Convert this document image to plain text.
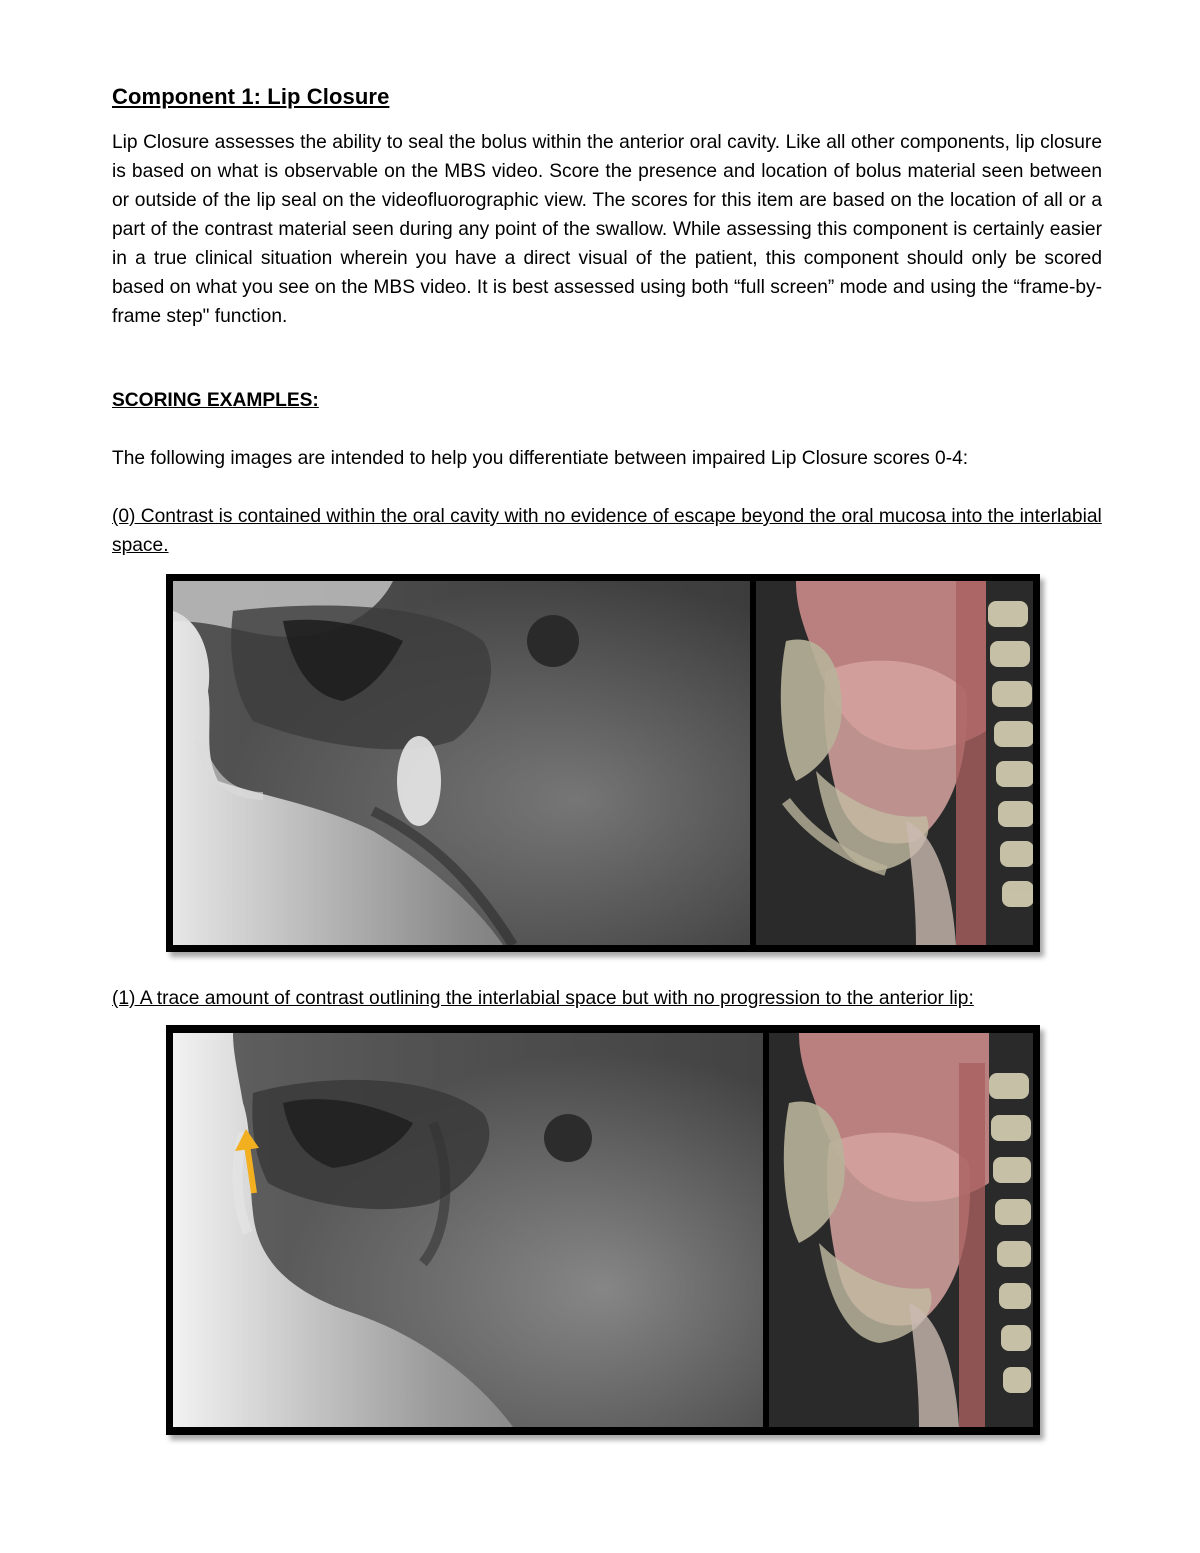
Component 1: Lip Closure
Lip Closure assesses the ability to seal the bolus within the anterior oral cavity. Like all other components, lip closure is based on what is observable on the MBS video. Score the presence and location of bolus material seen between or outside of the lip seal on the videofluorographic view. The scores for this item are based on the location of all or a part of the contrast material seen during any point of the swallow. While assessing this component is certainly easier in a true clinical situation wherein you have a direct visual of the patient, this component should only be scored based on what you see on the MBS video. It is best assessed using both “full screen” mode and using the “frame-by-frame step" function.
SCORING EXAMPLES:
The following images are intended to help you differentiate between impaired Lip Closure scores 0-4:
(0) Contrast is contained within the oral cavity with no evidence of escape beyond the oral mucosa into the interlabial space.
(1) A trace amount of contrast outlining the interlabial space but with no progression to the anterior lip:
